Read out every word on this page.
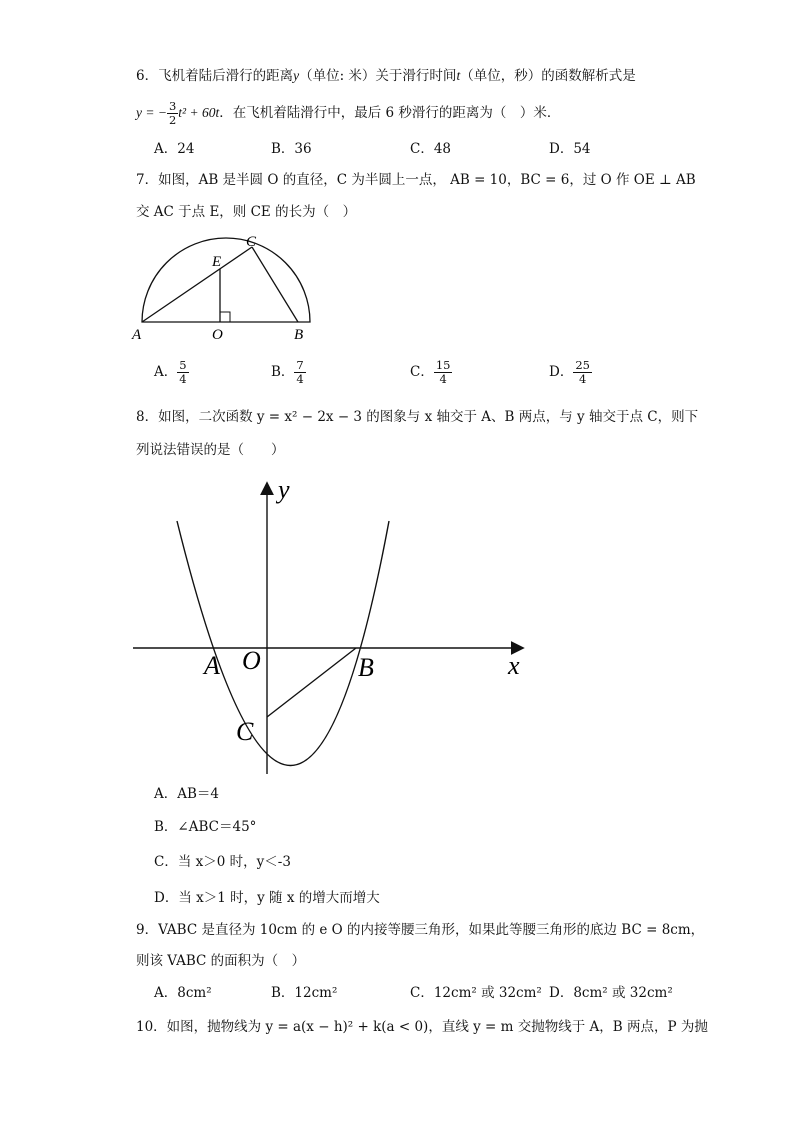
6．飞机着陆后滑行的距离y（单位: 米）关于滑行时间t（单位，秒）的函数解析式是
y = − $\frac{3}{2} t^2 + 60t$．在飞机着陆滑行中，最后 6 秒滑行的距离为（　）米．
A．24	B．36	C．48	D．54
7．如图，AB 是半圆 O 的直径，C 为半圆上一点， AB = 10，BC = 6，过 O 作 OE ⊥ AB
交 AC 于点 E，则 CE 的长为（　）
A	B
C
E
O
A． $\frac{5}{4}$	B． $\frac{7}{4}$	C． $\frac{15}{4}$	D． $\frac{25}{4}$
8．如图，二次函数 y = x² − 2x − 3 的图象与 x 轴交于 A、B 两点，与 y 轴交于点 C，则下
列说法错误的是（　　）
y
x
A O	B
C
A．AB＝4
B．∠ABC＝45°
C．当 x＞0 时，y＜-3
D．当 x＞1 时，y 随 x 的增大而增大
9．VABC 是直径为 10cm 的 e O 的内接等腰三角形，如果此等腰三角形的底边 BC = 8cm，
则该 VABC 的面积为（　）
A．8cm²	B．12cm²	C．12cm² 或 32cm² D．8cm² 或 32cm²
10．如图，抛物线为 y = a(x − h)² + k(a < 0)，直线 y = m 交抛物线于 A，B 两点，P 为抛
